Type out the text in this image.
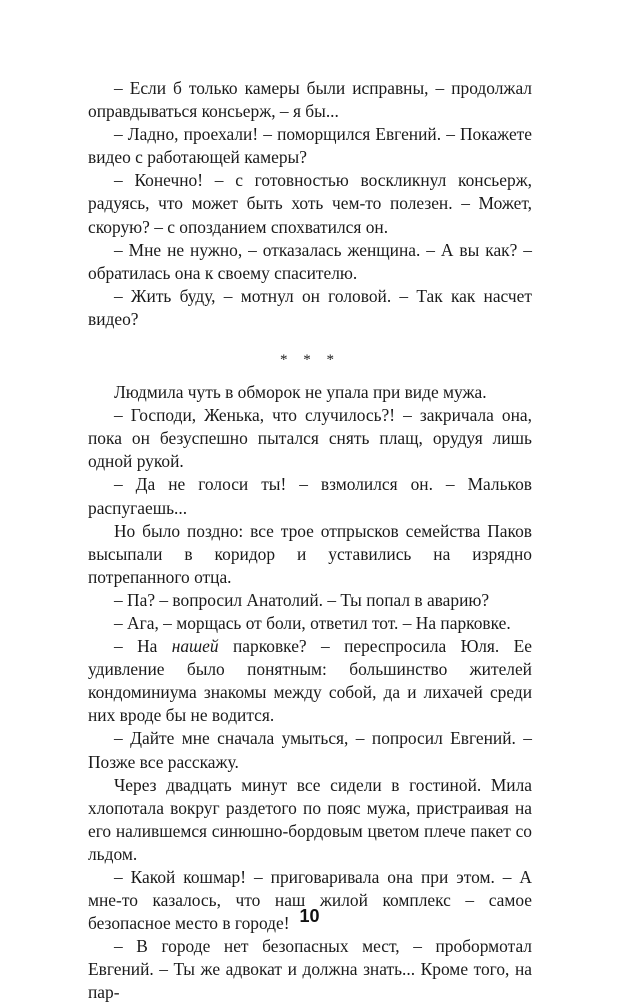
– Если б только камеры были исправны, – продолжал оправдываться консьерж, – я бы...

– Ладно, проехали! – поморщился Евгений. – Покажете видео с работающей камеры?

– Конечно! – с готовностью воскликнул консьерж, радуясь, что может быть хоть чем-то полезен. – Может, скорую? – с опозданием спохватился он.

– Мне не нужно, – отказалась женщина. – А вы как? – обратилась она к своему спасителю.

– Жить буду, – мотнул он головой. – Так как насчет видео?

* * *

Людмила чуть в обморок не упала при виде мужа.

– Господи, Женька, что случилось?! – закричала она, пока он безуспешно пытался снять плащ, орудуя лишь одной рукой.

– Да не голоси ты! – взмолился он. – Мальков распугаешь...

Но было поздно: все трое отпрысков семейства Паков высыпали в коридор и уставились на изрядно потрепанного отца.

– Па? – вопросил Анатолий. – Ты попал в аварию?

– Ага, – морщась от боли, ответил тот. – На парковке.

– На нашей парковке? – переспросила Юля. Ее удивление было понятным: большинство жителей кондоминиума знакомы между собой, да и лихачей среди них вроде бы не водится.

– Дайте мне сначала умыться, – попросил Евгений. – Позже все расскажу.

Через двадцать минут все сидели в гостиной. Мила хлопотала вокруг раздетого по пояс мужа, пристраивая на его налившемся синюшно-бордовым цветом плече пакет со льдом.

– Какой кошмар! – приговаривала она при этом. – А мне-то казалось, что наш жилой комплекс – самое безопасное место в городе!

– В городе нет безопасных мест, – пробормотал Евгений. – Ты же адвокат и должна знать... Кроме того, на пар-

10
